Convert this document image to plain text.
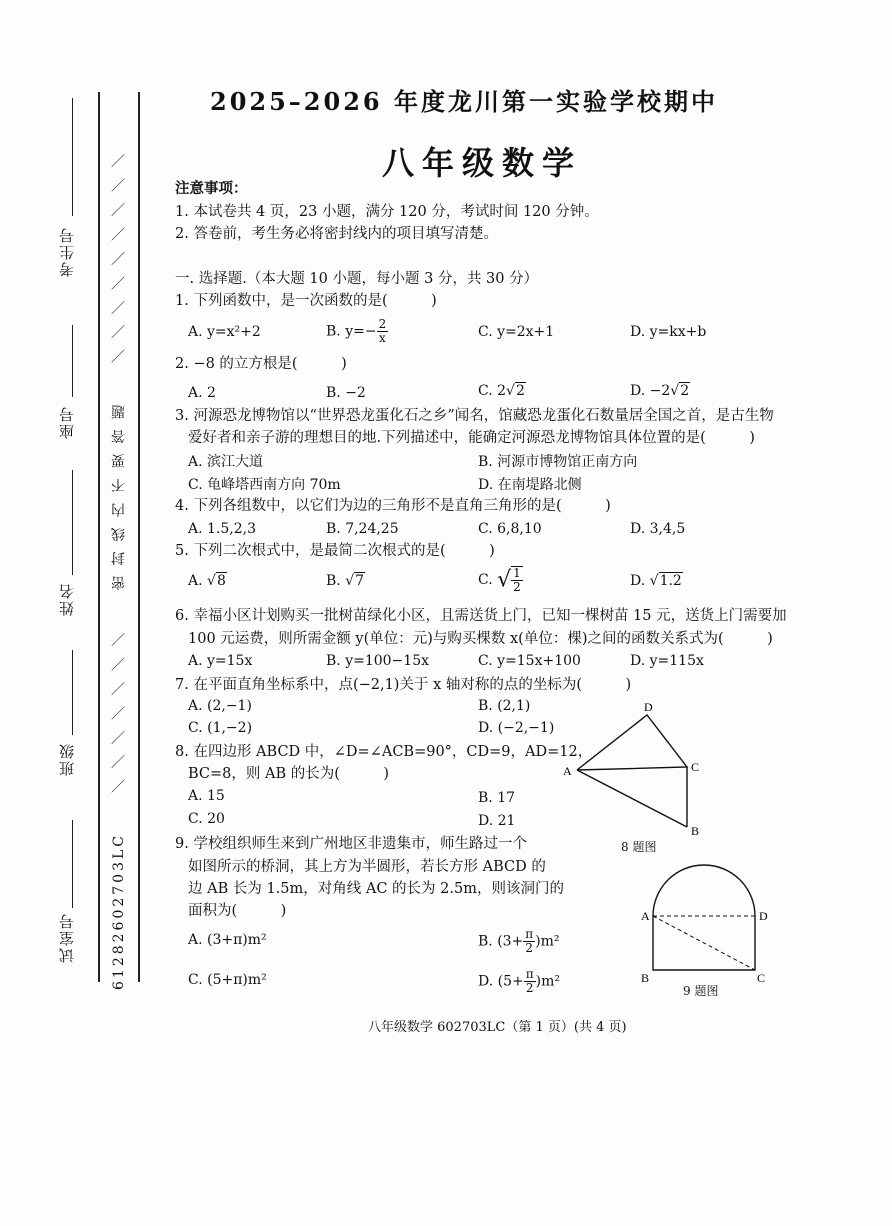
考生号
座号
姓名
班级
试室号	61282602703LC
／ ／ ／ ／ ／ ／ ／
密 封 线 内 不 要 答 题
／ ／ ／ ／ ／ ／ ／ ／ ／
2025–2026 年度龙川第一实验学校期中
八年级数学
注意事项：
1. 本试卷共 4 页，23 小题，满分 120 分，考试时间 120 分钟。
2. 答卷前，考生务必将密封线内的项目填写清楚。
一. 选择题.（本大题 10 小题，每小题 3 分，共 30 分）
1. 下列函数中，是一次函数的是(　　　)
A. y=x²+2	B. $y=- \frac{2}{x}$	C. y=2x+1	D. y=kx+b
2. −8 的立方根是(　　　)
A. 2	B. −2	C. 2√2	D. −2√2
3. 河源恐龙博物馆以“世界恐龙蛋化石之乡”闻名，馆藏恐龙蛋化石数量居全国之首，是古生物
爱好者和亲子游的理想目的地.下列描述中，能确定河源恐龙博物馆具体位置的是(　　　)
A. 滨江大道	B. 河源市博物馆正南方向
C. 龟峰塔西南方向 70m	D. 在南堤路北侧
4. 下列各组数中，以它们为边的三角形不是直角三角形的是(　　　)
A. 1.5,2,3	B. 7,24,25	C. 6,8,10	D. 3,4,5
5. 下列二次根式中，是最简二次根式的是(　　　)
A. √8	B. √7	C. √ $\frac{1}{2}$	D. √1.2
6. 幸福小区计划购买一批树苗绿化小区，且需送货上门，已知一棵树苗 15 元，送货上门需要加
100 元运费，则所需金额 y(单位：元)与购买棵数 x(单位：棵)之间的函数关系式为(　　　)
A. y=15x	B. y=100−15x	C. y=15x+100	D. y=115x
7. 在平面直角坐标系中，点(−2,1)关于 x 轴对称的点的坐标为(　　　)
A. (2,−1)	B. (2,1)
C. (1,−2)	D. (−2,−1)
8. 在四边形 ABCD 中，∠D=∠ACB=90°，CD=9，AD=12，
BC=8，则 AB 的长为(　　　)
A. 15	B. 17
C. 20	D. 21
A
D
C
B
8 题图
9. 学校组织师生来到广州地区非遗集市，师生路过一个
如图所示的桥洞，其上方为半圆形，若长方形 ABCD 的
边 AB 长为 1.5m，对角线 AC 的长为 2.5m，则该洞门的
面积为(　　　)
A. (3+π)m²	B. $(3+ \frac{\pi}{2} )m^2$
C. (5+π)m²	D. $(5+ \frac{\pi}{2} )m^2$
A	D
B	C
9 题图
八年级数学 602703LC（第 1 页）(共 4 页)
